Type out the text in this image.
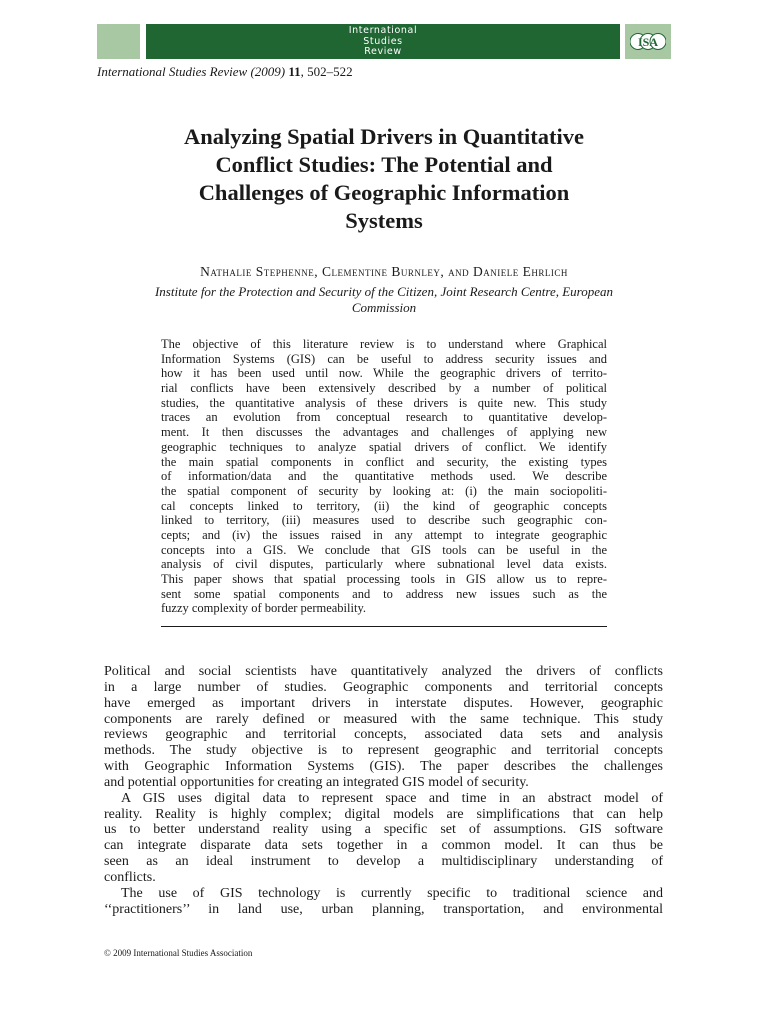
International
Studies
Review
ISA
International Studies Review (2009) 11, 502–522
Analyzing Spatial Drivers in Quantitative
Conflict Studies: The Potential and
Challenges of Geographic Information
Systems
Nathalie Stephenne, Clementine Burnley, and Daniele Ehrlich
Institute for the Protection and Security of the Citizen, Joint Research Centre, European
Commission
The objective of this literature review is to understand where Graphical
Information Systems (GIS) can be useful to address security issues and
how it has been used until now. While the geographic drivers of territo-
rial conflicts have been extensively described by a number of political
studies, the quantitative analysis of these drivers is quite new. This study
traces an evolution from conceptual research to quantitative develop-
ment. It then discusses the advantages and challenges of applying new
geographic techniques to analyze spatial drivers of conflict. We identify
the main spatial components in conflict and security, the existing types
of information/data and the quantitative methods used. We describe
the spatial component of security by looking at: (i) the main sociopoliti-
cal concepts linked to territory, (ii) the kind of geographic concepts
linked to territory, (iii) measures used to describe such geographic con-
cepts; and (iv) the issues raised in any attempt to integrate geographic
concepts into a GIS. We conclude that GIS tools can be useful in the
analysis of civil disputes, particularly where subnational level data exists.
This paper shows that spatial processing tools in GIS allow us to repre-
sent some spatial components and to address new issues such as the
fuzzy complexity of border permeability.
Political and social scientists have quantitatively analyzed the drivers of conflicts
in a large number of studies. Geographic components and territorial concepts
have emerged as important drivers in interstate disputes. However, geographic
components are rarely defined or measured with the same technique. This study
reviews geographic and territorial concepts, associated data sets and analysis
methods. The study objective is to represent geographic and territorial concepts
with Geographic Information Systems (GIS). The paper describes the challenges
and potential opportunities for creating an integrated GIS model of security.
A GIS uses digital data to represent space and time in an abstract model of
reality. Reality is highly complex; digital models are simplifications that can help
us to better understand reality using a specific set of assumptions. GIS software
can integrate disparate data sets together in a common model. It can thus be
seen as an ideal instrument to develop a multidisciplinary understanding of
conflicts.
The use of GIS technology is currently specific to traditional science and
‘‘practitioners’’ in land use, urban planning, transportation, and environmental
© 2009 International Studies Association
